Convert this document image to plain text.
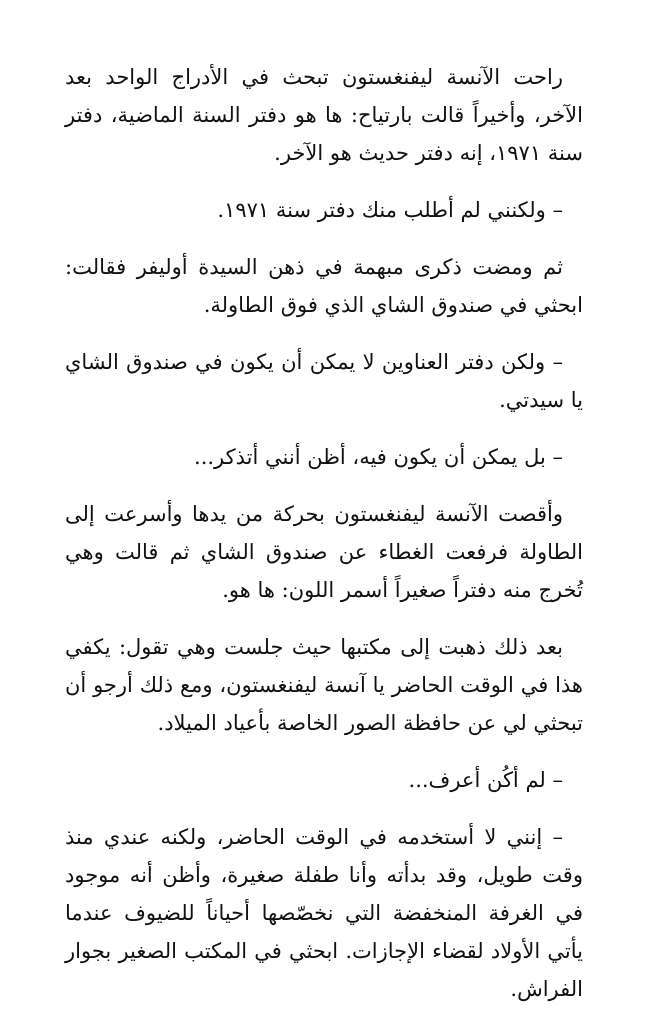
راحت الآنسة ليفنغستون تبحث في الأدراج الواحد بعد الآخر، وأخيراً قالت بارتياح: ها هو دفتر السنة الماضية، دفتر سنة ١٩٧١، إنه دفتر حديث هو الآخر.

– ولكنني لم أطلب منك دفتر سنة ١٩٧١.

ثم ومضت ذكرى مبهمة في ذهن السيدة أوليفر فقالت: ابحثي في صندوق الشاي الذي فوق الطاولة.

– ولكن دفتر العناوين لا يمكن أن يكون في صندوق الشاي يا سيدتي.

– بل يمكن أن يكون فيه، أظن أنني أتذكر...

وأقصت الآنسة ليفنغستون بحركة من يدها وأسرعت إلى الطاولة فرفعت الغطاء عن صندوق الشاي ثم قالت وهي تُخرج منه دفتراً صغيراً أسمر اللون: ها هو.

بعد ذلك ذهبت إلى مكتبها حيث جلست وهي تقول: يكفي هذا في الوقت الحاضر يا آنسة ليفنغستون، ومع ذلك أرجو أن تبحثي لي عن حافظة الصور الخاصة بأعياد الميلاد.

– لم أكُن أعرف...

– إنني لا أستخدمه في الوقت الحاضر، ولكنه عندي منذ وقت طويل، وقد بدأته وأنا طفلة صغيرة، وأظن أنه موجود في الغرفة المنخفضة التي نخصّصها أحياناً للضيوف عندما يأتي الأولاد لقضاء الإجازات. ابحثي في المكتب الصغير بجوار الفراش.
